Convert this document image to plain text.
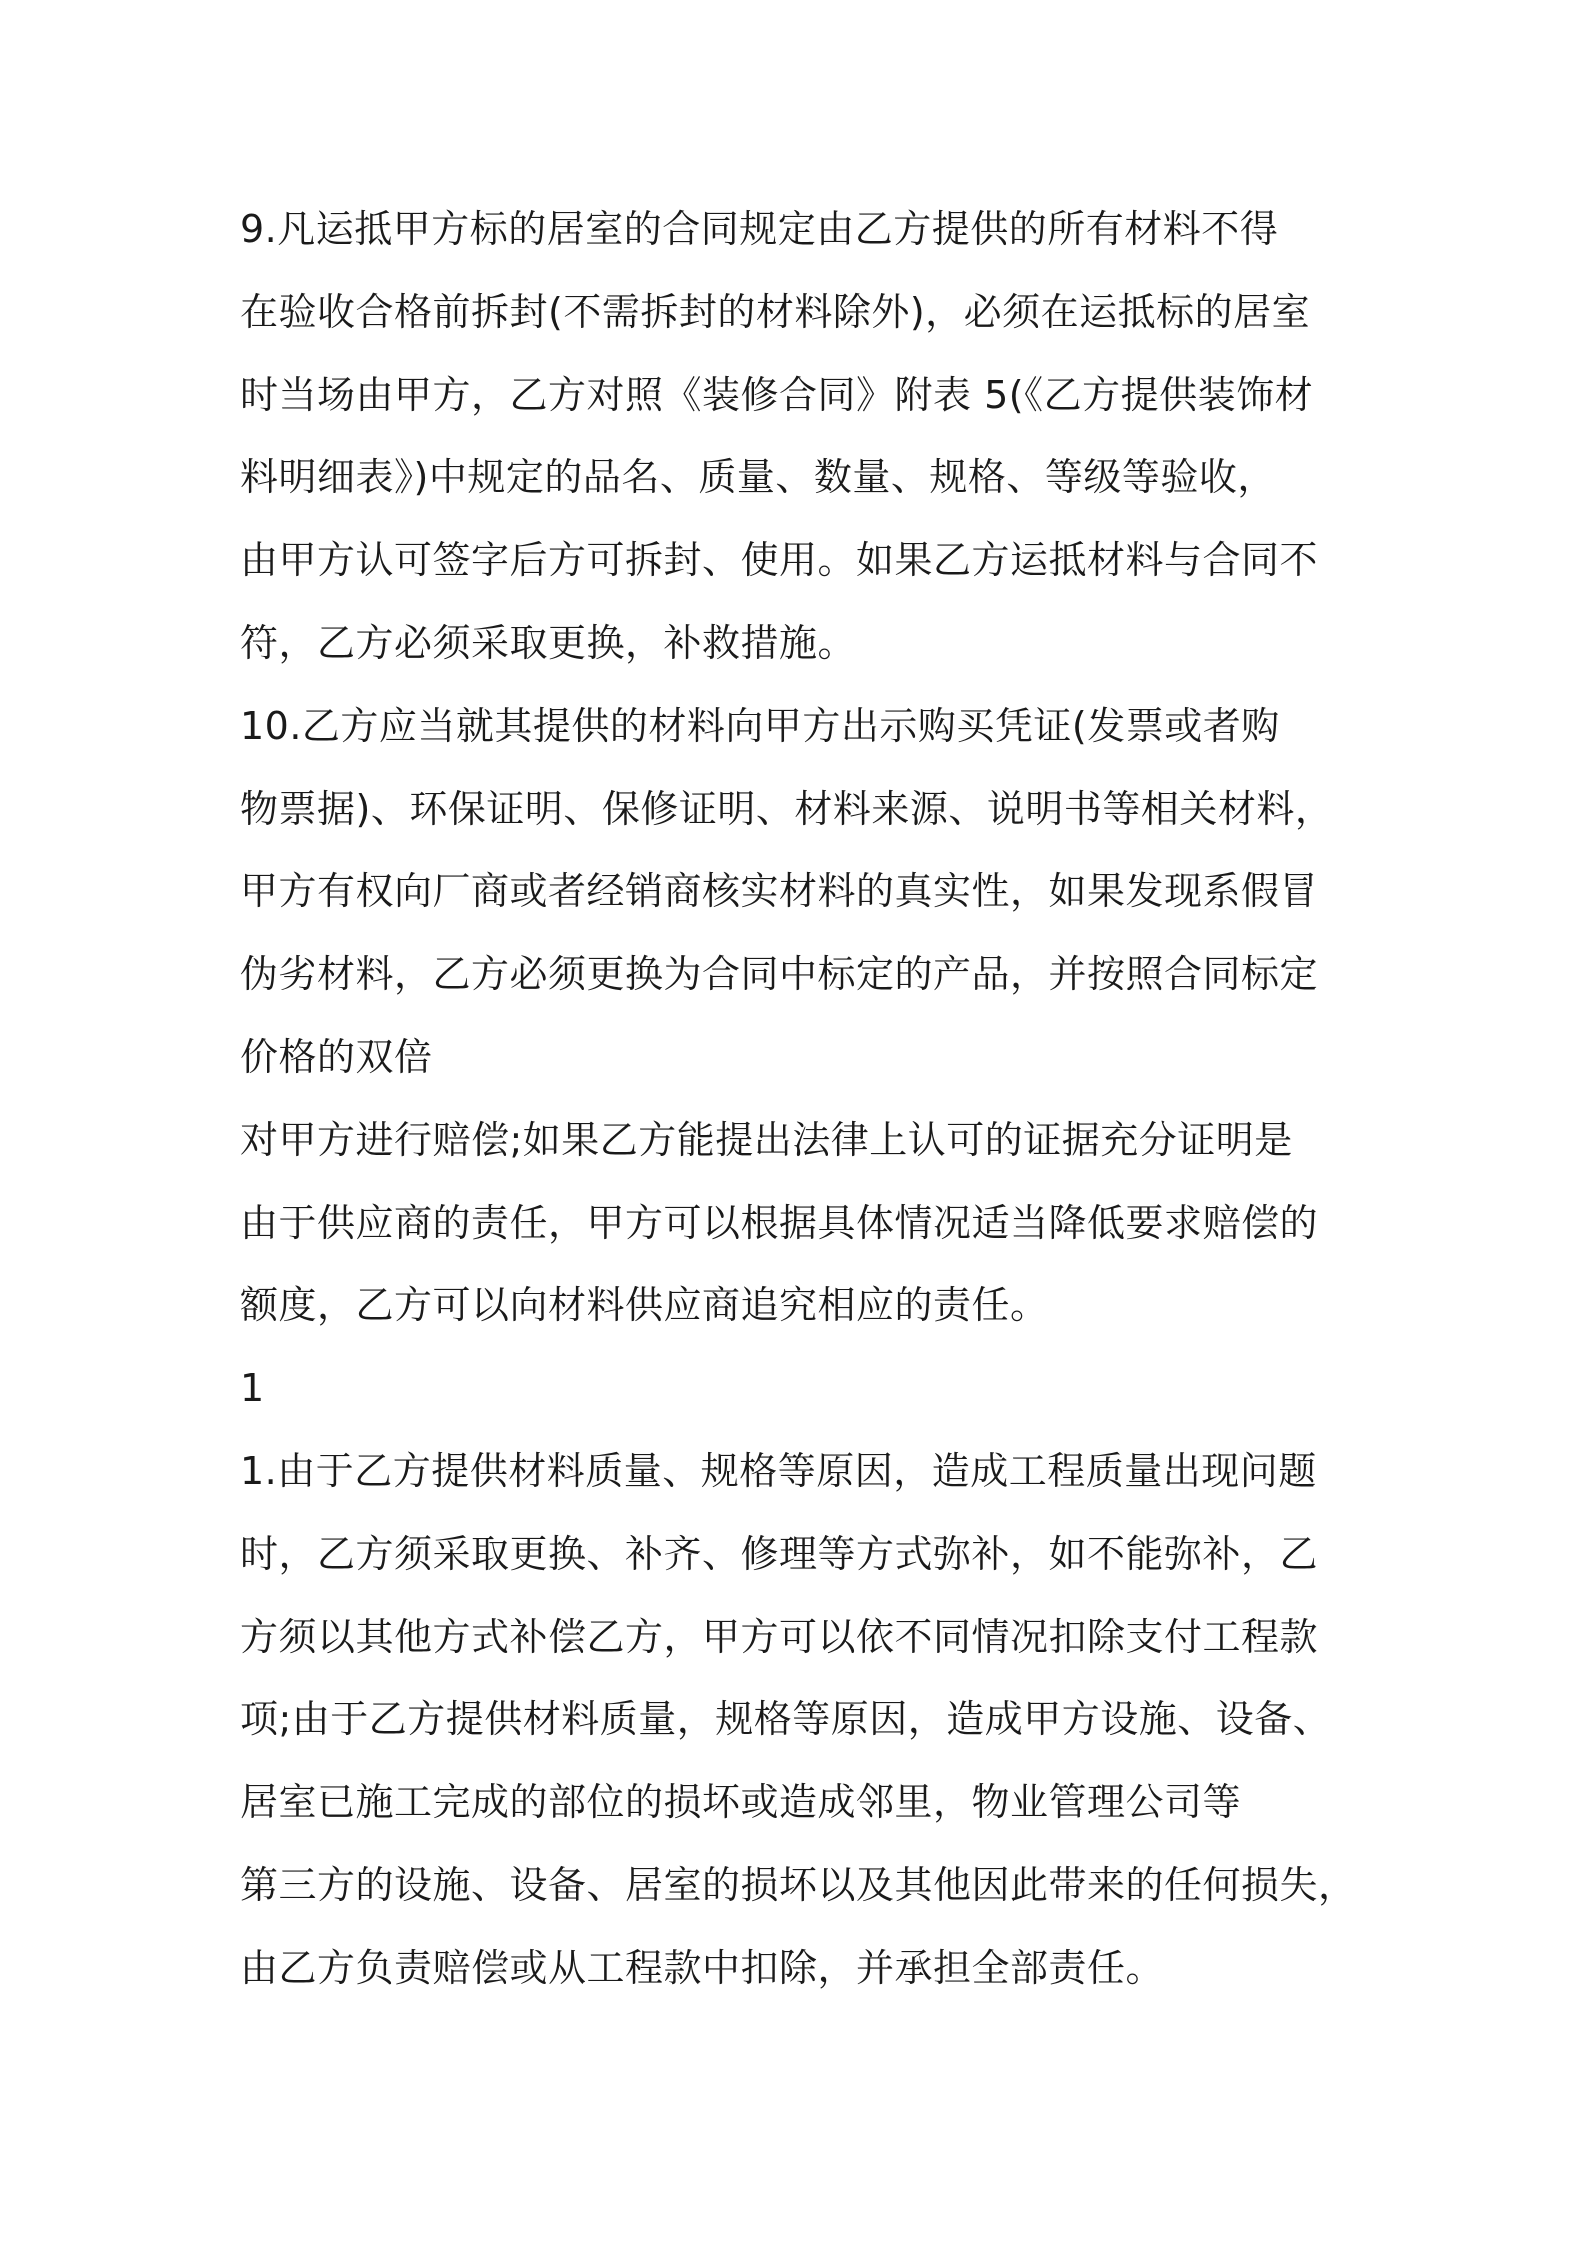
9.凡运抵甲方标的居室的合同规定由乙方提供的所有材料不得
在验收合格前拆封(不需拆封的材料除外)，必须在运抵标的居室
时当场由甲方，乙方对照《装修合同》附表 5(《乙方提供装饰材
料明细表》)中规定的品名、质量、数量、规格、等级等验收，
由甲方认可签字后方可拆封、使用。如果乙方运抵材料与合同不
符，乙方必须采取更换，补救措施。
10.乙方应当就其提供的材料向甲方出示购买凭证(发票或者购
物票据)、环保证明、保修证明、材料来源、说明书等相关材料，
甲方有权向厂商或者经销商核实材料的真实性，如果发现系假冒
伪劣材料，乙方必须更换为合同中标定的产品，并按照合同标定
价格的双倍
对甲方进行赔偿;如果乙方能提出法律上认可的证据充分证明是
由于供应商的责任，甲方可以根据具体情况适当降低要求赔偿的
额度，乙方可以向材料供应商追究相应的责任。
1
1.由于乙方提供材料质量、规格等原因，造成工程质量出现问题
时，乙方须采取更换、补齐、修理等方式弥补，如不能弥补，乙
方须以其他方式补偿乙方，甲方可以依不同情况扣除支付工程款
项;由于乙方提供材料质量，规格等原因，造成甲方设施、设备、
居室已施工完成的部位的损坏或造成邻里，物业管理公司等
第三方的设施、设备、居室的损坏以及其他因此带来的任何损失，
由乙方负责赔偿或从工程款中扣除，并承担全部责任。
